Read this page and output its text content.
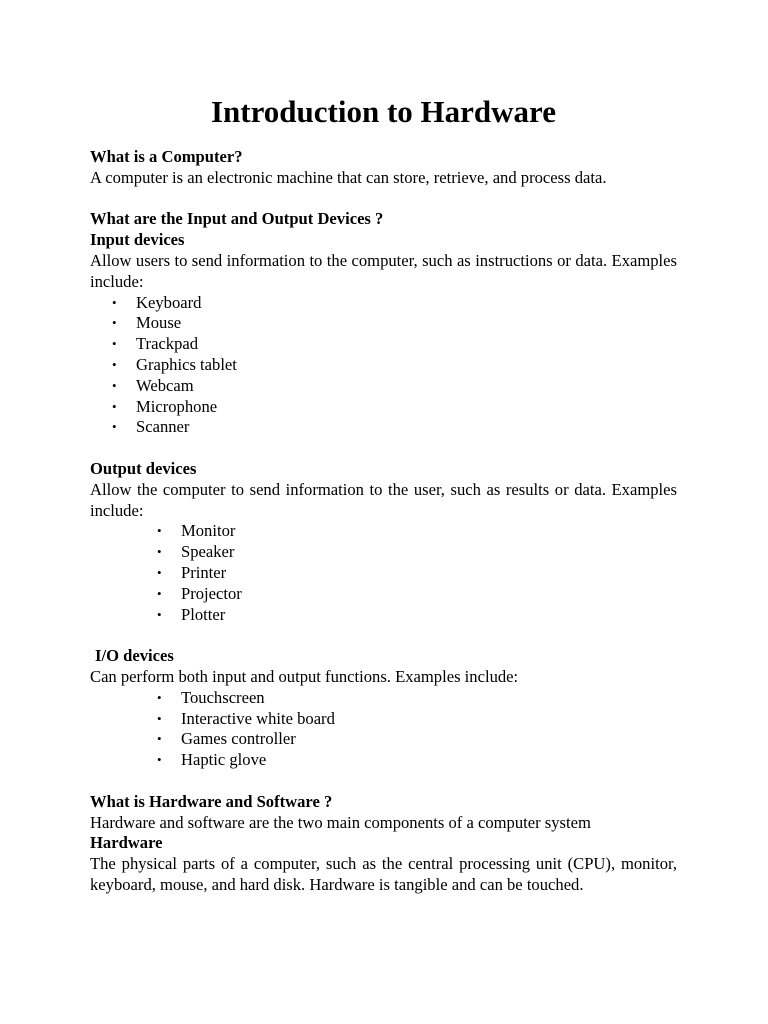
Introduction to Hardware
What is a Computer?
A computer is an electronic machine that can store, retrieve, and process data.
What are the Input and Output Devices ?
Input devices

Allow users to send information to the computer, such as instructions or data. Examples include:

• Keyboard
• Mouse
• Trackpad
• Graphics tablet
• Webcam
• Microphone
• Scanner
Output devices

Allow the computer to send information to the user, such as results or data. Examples include:

• Monitor
• Speaker
• Printer
• Projector
• Plotter
I/O devices
Can perform both input and output functions. Examples include:
• Touchscreen
• Interactive white board
• Games controller
• Haptic glove
What is Hardware and Software ?
Hardware and software are the two main components of a computer system
Hardware

The physical parts of a computer, such as the central processing unit (CPU), monitor, keyboard, mouse, and hard disk. Hardware is tangible and can be touched.
